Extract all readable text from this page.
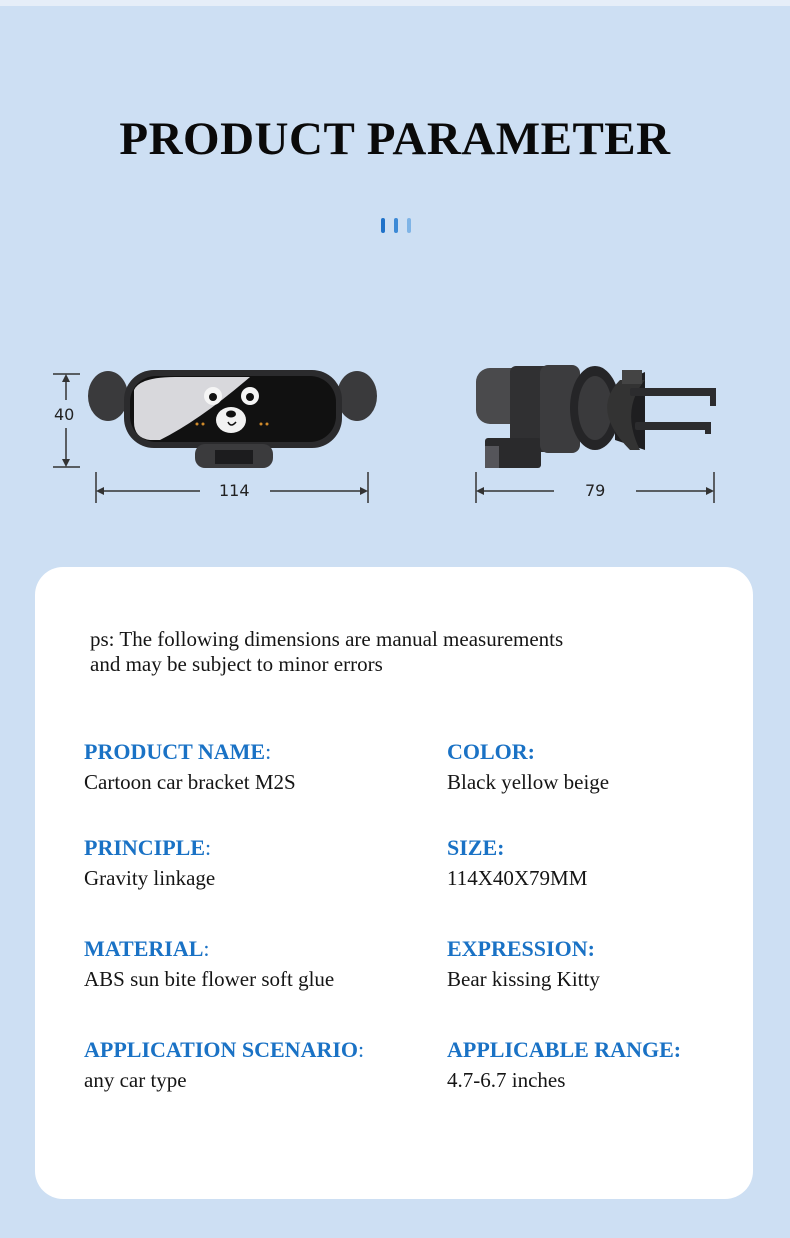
PRODUCT PARAMETER
40
114	79
ps: The following dimensions are manual measurements
and may be subject to minor errors
PRODUCT NAME:
Cartoon car bracket M2S
PRINCIPLE:
Gravity linkage
MATERIAL:
ABS sun bite flower soft glue
APPLICATION SCENARIO:
any car type
COLOR:
Black yellow beige
SIZE:
114X40X79MM
EXPRESSION:
Bear kissing Kitty
APPLICABLE RANGE:
4.7-6.7 inches
